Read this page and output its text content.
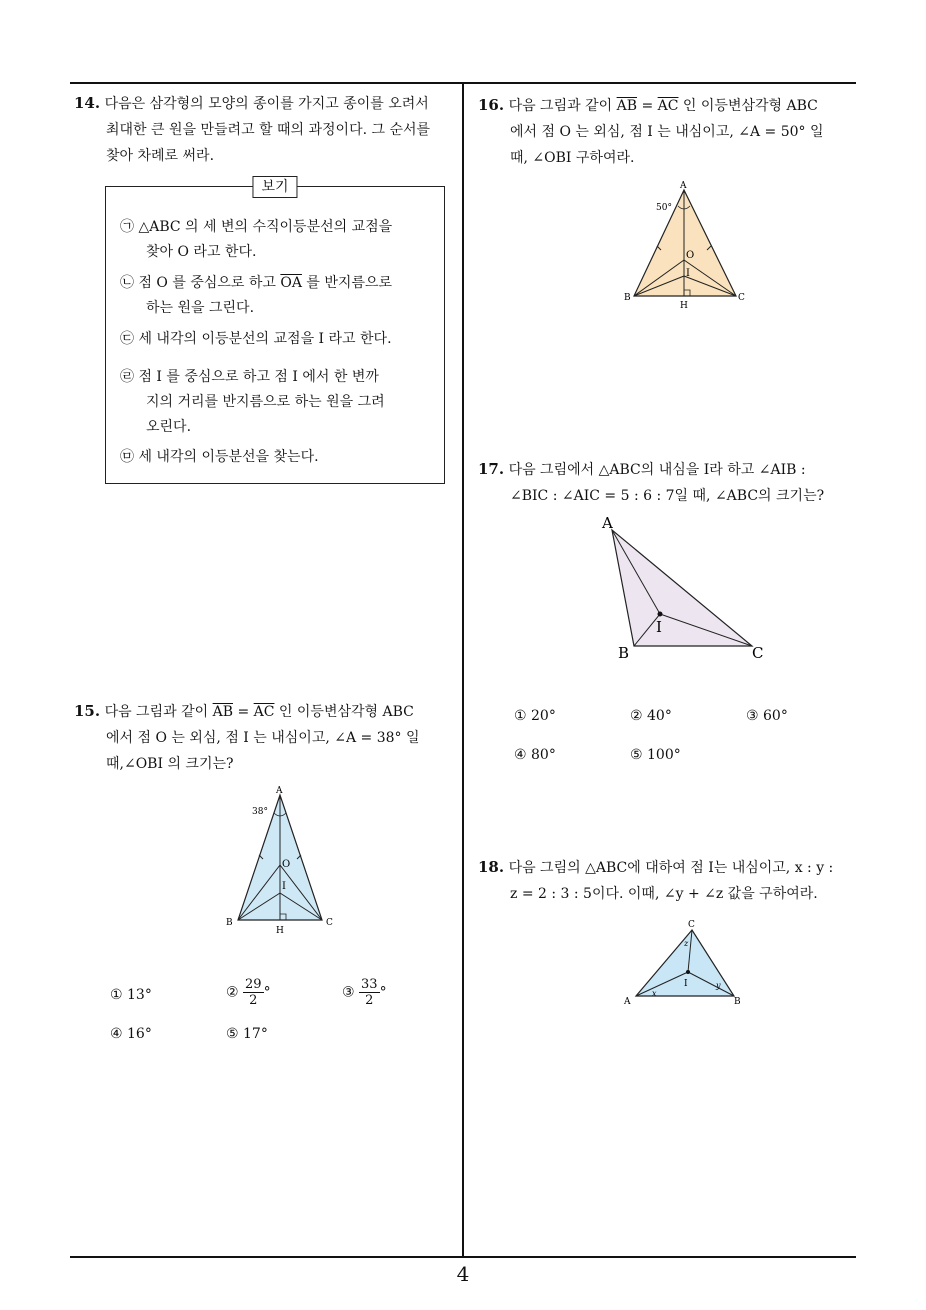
14. 다음은 삼각형의 모양의 종이를 가지고 종이를 오려서
최대한 큰 원을 만들려고 할 때의 과정이다. 그 순서를
찾아 차례로 써라.
보기
㉠ △ABC 의 세 변의 수직이등분선의 교점을
찾아 O 라고 한다.
㉡ 점 O 를 중심으로 하고 $\overline{OA}$ 를 반지름으로
하는 원을 그린다.
㉢ 세 내각의 이등분선의 교점을 I 라고 한다.
㉣ 점 I 를 중심으로 하고 점 I 에서 한 변까
지의 거리를 반지름으로 하는 원을 그려
오린다.
㉤ 세 내각의 이등분선을 찾는다.
15. 다음 그림과 같이 $\overline{AB} = \overline{AC}$ 인 이등변삼각형 ABC
에서 점 O 는 외심, 점 I 는 내심이고, ∠A = 38° 일
때,∠OBI 의 크기는?
A
38°
O
I
B	C
H
① 13°	② $\frac{29}{2}$ °	③ $\frac{33}{2}$ °
④ 16°	⑤ 17°
16. 다음 그림과 같이 $\overline{AB} = \overline{AC}$ 인 이등변삼각형 ABC
에서 점 O 는 외심, 점 I 는 내심이고, ∠A = 50° 일
때, ∠OBI 구하여라.
A
50°
O
I
B	C
H
17. 다음 그림에서 △ABC의 내심을 I라 하고 ∠AIB :
∠BIC : ∠AIC = 5 : 6 : 7일 때, ∠ABC의 크기는?
A
I
B	C
① 20°	② 40°	③ 60°
④ 80°	⑤ 100°
18. 다음 그림의 △ABC에 대하여 점 I는 내심이고, x : y :
z = 2 : 3 : 5이다. 이때, ∠y + ∠z 값을 구하여라.
C
z
I
x
y
A	B
4
